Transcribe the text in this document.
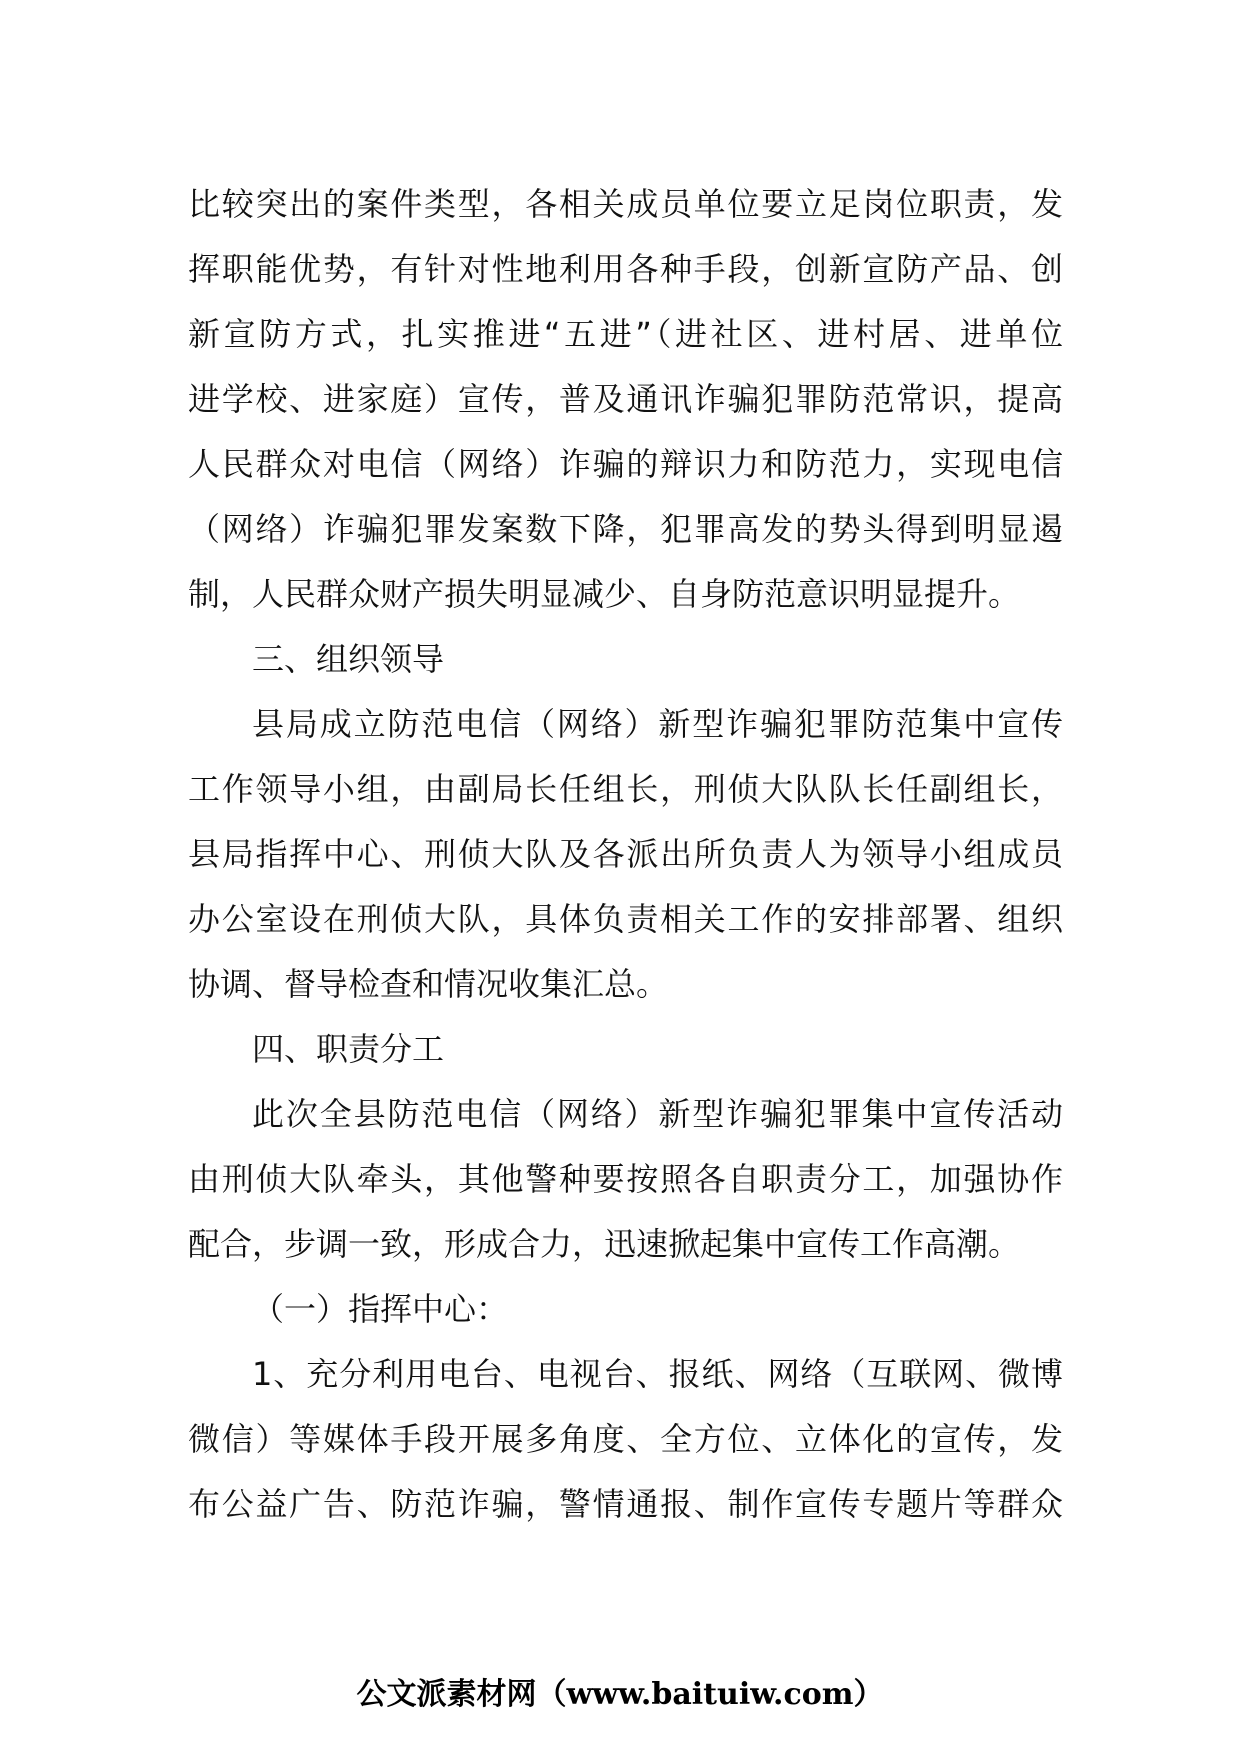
比较突出的案件类型，各相关成员单位要立足岗位职责，发
挥职能优势，有针对性地利用各种手段，创新宣防产品、创
新宣防方式，扎实推进“五进”（进社区、进村居、进单位
进学校、进家庭）宣传，普及通讯诈骗犯罪防范常识，提高
人民群众对电信（网络）诈骗的辩识力和防范力，实现电信
（网络）诈骗犯罪发案数下降，犯罪高发的势头得到明显遏
制，人民群众财产损失明显减少、自身防范意识明显提升。
三、组织领导
县局成立防范电信（网络）新型诈骗犯罪防范集中宣传
工作领导小组，由副局长任组长，刑侦大队队长任副组长，
县局指挥中心、刑侦大队及各派出所负责人为领导小组成员
办公室设在刑侦大队，具体负责相关工作的安排部署、组织
协调、督导检查和情况收集汇总。
四、职责分工
此次全县防范电信（网络）新型诈骗犯罪集中宣传活动
由刑侦大队牵头，其他警种要按照各自职责分工，加强协作
配合，步调一致，形成合力，迅速掀起集中宣传工作高潮。
（一）指挥中心：
1、充分利用电台、电视台、报纸、网络（互联网、微博
微信）等媒体手段开展多角度、全方位、立体化的宣传，发
布公益广告、防范诈骗，警情通报、制作宣传专题片等群众
公文派素材网（www.baituiw.com）
